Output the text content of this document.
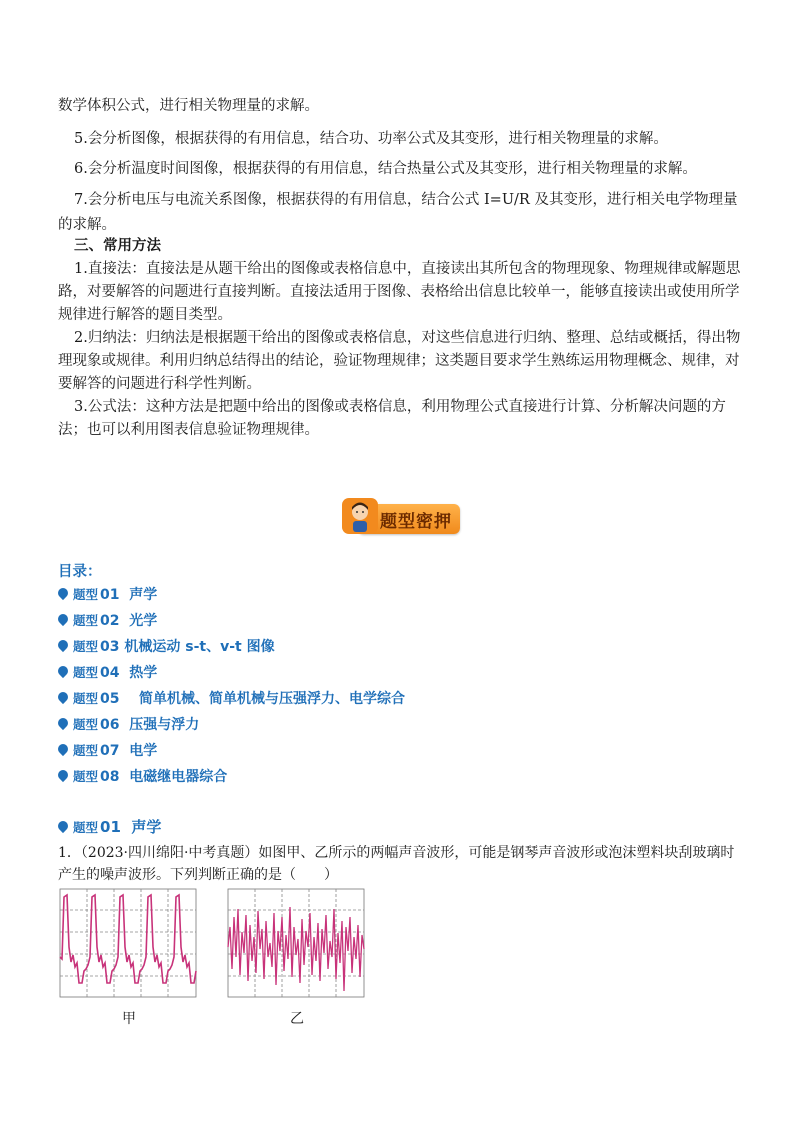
数学体积公式，进行相关物理量的求解。

5.会分析图像，根据获得的有用信息，结合功、功率公式及其变形，进行相关物理量的求解。

6.会分析温度时间图像，根据获得的有用信息，结合热量公式及其变形，进行相关物理量的求解。

7.会分析电压与电流关系图像，根据获得的有用信息，结合公式 I=U/R 及其变形，进行相关电学物理量的求解。

三、常用方法

1.直接法：直接法是从题干给出的图像或表格信息中，直接读出其所包含的物理现象、物理规律或解题思路，对要解答的问题进行直接判断。直接法适用于图像、表格给出信息比较单一，能够直接读出或使用所学规律进行解答的题目类型。

2.归纳法：归纳法是根据题干给出的图像或表格信息，对这些信息进行归纳、整理、总结或概括，得出物理现象或规律。利用归纳总结得出的结论，验证物理规律；这类题目要求学生熟练运用物理概念、规律，对要解答的问题进行科学性判断。

3.公式法：这种方法是把题中给出的图像或表格信息，利用物理公式直接进行计算、分析解决问题的方法；也可以利用图表信息验证物理规律。

题型密押
目录：
题型 01 声学
题型 02 光学
题型 03 机械运动 s-t、v-t 图像
题型 04 热学
题型 05 简单机械、简单机械与压强浮力、电学综合
题型 06 压强与浮力
题型 07 电学
题型 08 电磁继电器综合
题型 01 声学
1．（2023·四川绵阳·中考真题）如图甲、乙所示的两幅声音波形，可能是钢琴声音波形或泡沫塑料块刮玻璃时产生的噪声波形。下列判断正确的是（　　）
甲	乙
